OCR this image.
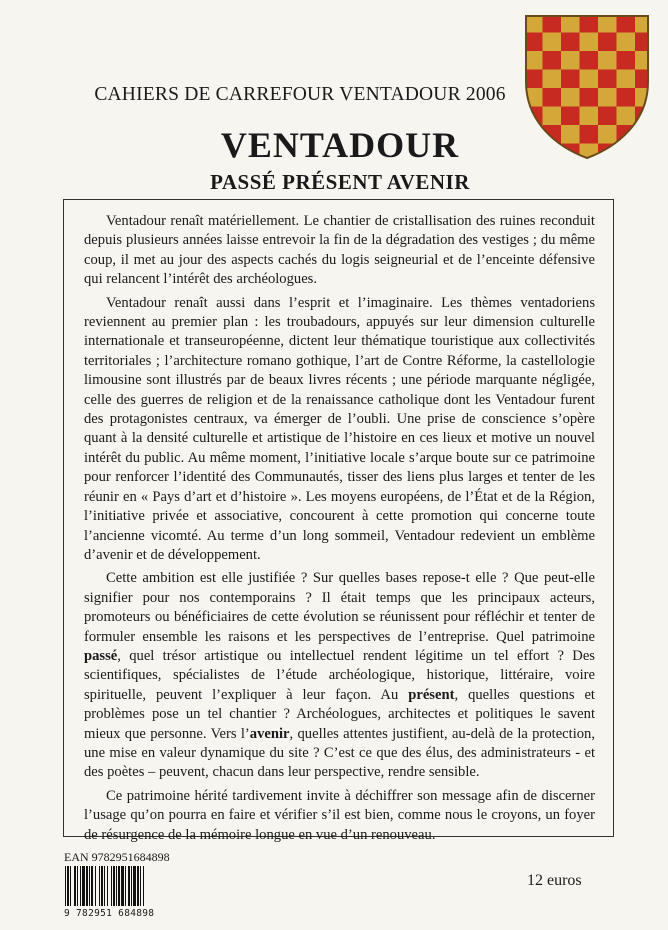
CAHIERS DE CARREFOUR VENTADOUR 2006
VENTADOUR
PASSÉ PRÉSENT AVENIR

Ventadour renaît matériellement. Le chantier de cristallisation des ruines reconduit depuis plusieurs années laisse entrevoir la fin de la dégradation des vestiges ; du même coup, il met au jour des aspects cachés du logis seigneurial et de l’enceinte défensive qui relancent l’intérêt des archéologues.

Ventadour renaît aussi dans l’esprit et l’imaginaire. Les thèmes ventadoriens reviennent au premier plan : les troubadours, appuyés sur leur dimension culturelle internationale et transeuropéenne, dictent leur thématique touristique aux collectivités territoriales ; l’architecture romano gothique, l’art de Contre Réforme, la castellologie limousine sont illustrés par de beaux livres récents ; une période marquante négligée, celle des guerres de religion et de la renaissance catholique dont les Ventadour furent des protagonistes centraux, va émerger de l’oubli. Une prise de conscience s’opère quant à la densité culturelle et artistique de l’histoire en ces lieux et motive un nouvel intérêt du public. Au même moment, l’initiative locale s’arque boute sur ce patrimoine pour renforcer l’identité des Communautés, tisser des liens plus larges et tenter de les réunir en « Pays d’art et d’histoire ». Les moyens européens, de l’État et de la Région, l’initiative privée et associative, concourent à cette promotion qui concerne toute l’ancienne vicomté. Au terme d’un long sommeil, Ventadour redevient un emblème d’avenir et de développement.

Cette ambition est elle justifiée ? Sur quelles bases repose-t elle ? Que peut-elle signifier pour nos contemporains ? Il était temps que les principaux acteurs, promoteurs ou bénéficiaires de cette évolution se réunissent pour réfléchir et tenter de formuler ensemble les raisons et les perspectives de l’entreprise. Quel patrimoine passé, quel trésor artistique ou intellectuel rendent légitime un tel effort ? Des scientifiques, spécialistes de l’étude archéologique, historique, littéraire, voire spirituelle, peuvent l’expliquer à leur façon. Au présent, quelles questions et problèmes pose un tel chantier ? Archéologues, architectes et politiques le savent mieux que personne. Vers l’avenir, quelles attentes justifient, au-delà de la protection, une mise en valeur dynamique du site ? C’est ce que des élus, des administrateurs - et des poètes – peuvent, chacun dans leur perspective, rendre sensible.

Ce patrimoine hérité tardivement invite à déchiffrer son message afin de discerner l’usage qu’on pourra en faire et vérifier s’il est bien, comme nous le croyons, un foyer de résurgence de la mémoire longue en vue d’un renouveau.

EAN 9782951684898
9 782951 684898
12 euros
